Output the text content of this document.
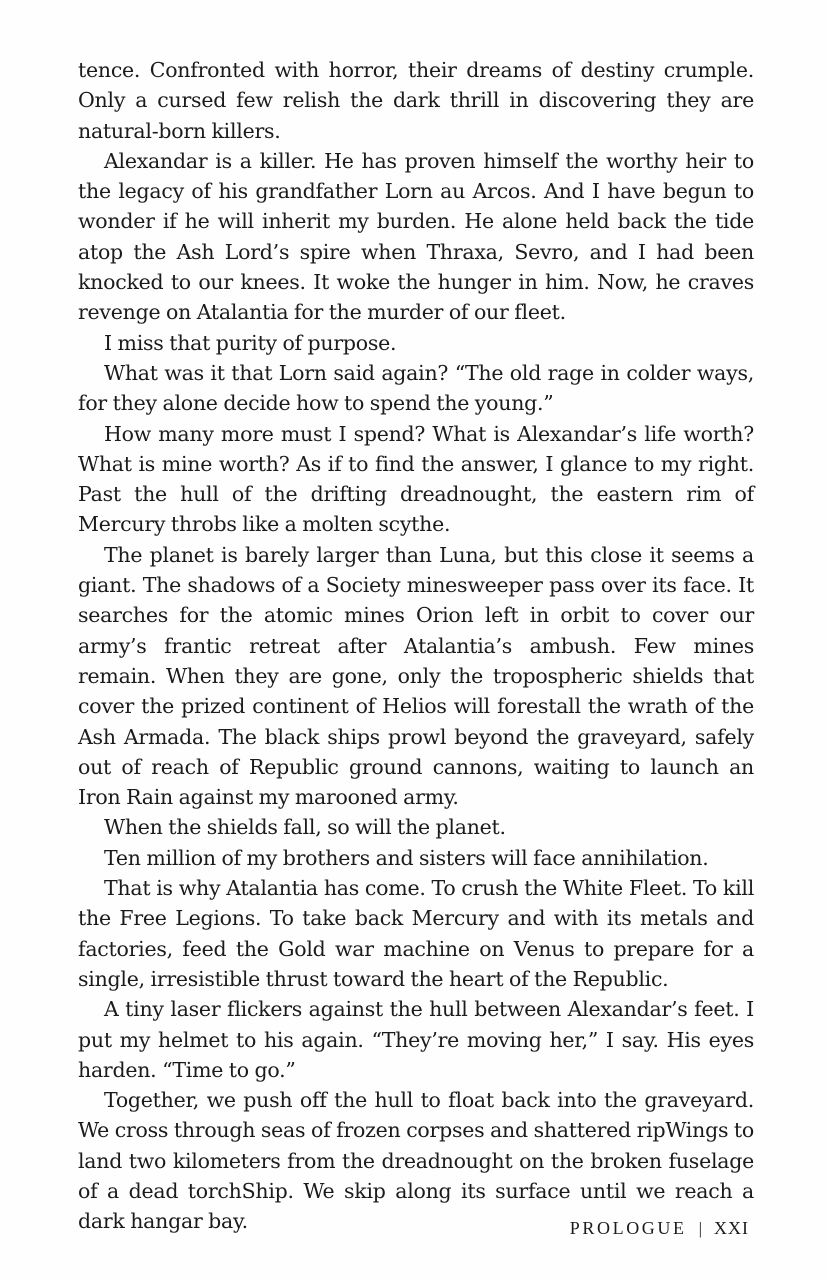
tence. Confronted with horror, their dreams of destiny crumple. Only a cursed few relish the dark thrill in discovering they are natural-born killers.

Alexandar is a killer. He has proven himself the worthy heir to the legacy of his grandfather Lorn au Arcos. And I have begun to wonder if he will inherit my burden. He alone held back the tide atop the Ash Lord’s spire when Thraxa, Sevro, and I had been knocked to our knees. It woke the hunger in him. Now, he craves revenge on Atalantia for the murder of our fleet.

I miss that purity of purpose.

What was it that Lorn said again? “The old rage in colder ways, for they alone decide how to spend the young.”

How many more must I spend? What is Alexandar’s life worth? What is mine worth? As if to find the answer, I glance to my right. Past the hull of the drifting dreadnought, the eastern rim of Mercury throbs like a molten scythe.

The planet is barely larger than Luna, but this close it seems a giant. The shadows of a Society minesweeper pass over its face. It searches for the atomic mines Orion left in orbit to cover our army’s frantic retreat after Atalantia’s ambush. Few mines remain. When they are gone, only the tropospheric shields that cover the prized continent of Helios will forestall the wrath of the Ash Armada. The black ships prowl beyond the graveyard, safely out of reach of Republic ground cannons, waiting to launch an Iron Rain against my marooned army.

When the shields fall, so will the planet.

Ten million of my brothers and sisters will face annihilation.

That is why Atalantia has come. To crush the White Fleet. To kill the Free Legions. To take back Mercury and with its metals and factories, feed the Gold war machine on Venus to prepare for a single, irresistible thrust toward the heart of the Republic.

A tiny laser flickers against the hull between Alexandar’s feet. I put my helmet to his again. “They’re moving her,” I say. His eyes harden. “Time to go.”

Together, we push off the hull to float back into the graveyard. We cross through seas of frozen corpses and shattered ripWings to land two kilometers from the dreadnought on the broken fuselage of a dead torchShip. We skip along its surface until we reach a dark hangar bay.	PROLOGUE | XXI
